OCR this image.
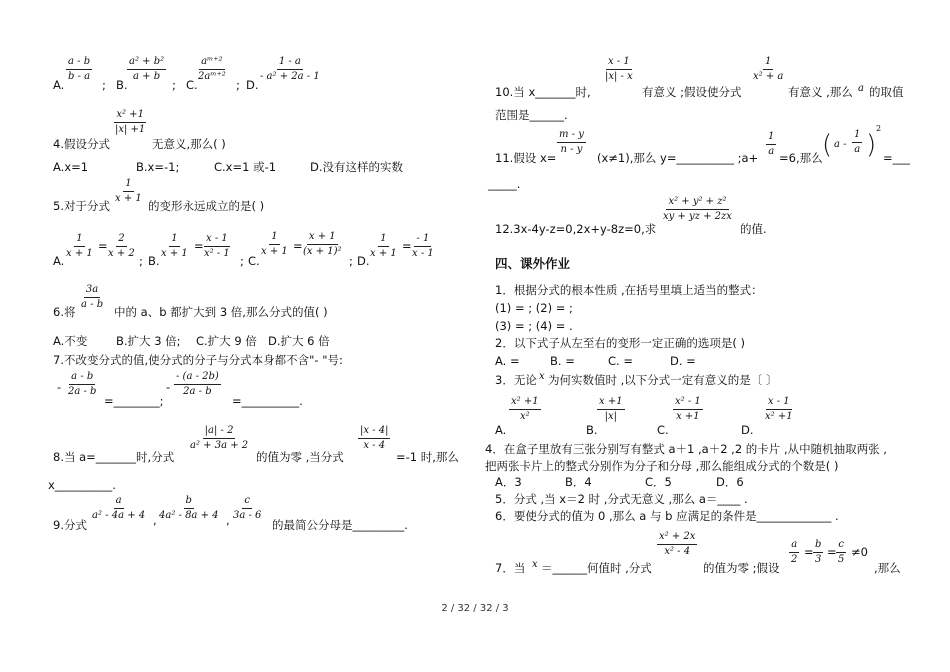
A.
$\frac{a - b}{b - a}$
; B.
$\frac{\text{a² + b²}}{a + b}$
; C.
$\frac{\text{aᵐ⁺²}}{\text{2aᵐ⁺²}}$
; D.
$\frac{1 - a}{\text{- a² + 2a - 1}}$
4.假设分式
$\frac{\text{x² +1}}{|x| +1}$
无意义,那么( )
A.x=1	B.x=-1;	C.x=1 或-1	D.没有这样的实数
5.对于分式
$\frac{1}{x + 1}$
的变形永远成立的是( )
A.
$\frac{1}{x + 1}$ =
$\frac{2}{x + 2}$
; B.
$\frac{1}{x + 1}$ =
$\frac{x - 1}{\text{x² - 1}}$
; C.
$\frac{1}{x + 1}$ =
$\frac{x + 1}{\text{(x + 1)²}}$
; D.
$\frac{1}{x + 1}$ =
$\frac{- 1}{x - 1}$
6.将
$\frac{3a}{a - b}$
中的 a、b 都扩大到 3 倍,那么分式的值( )
A.不变 B.扩大 3 倍; C.扩大 9 倍 D.扩大 6 倍
7.不改变分式的值,使分式的分子与分式本身都不含"- "号:
- $\frac{a - b}{2a - b}$
=________;
- $\frac{- (a - 2b)}{2a - b}$
=__________.
8.当 a=_______时,分式
$\frac{|a| - 2}{\text{a² + 3a + 2}}$
的值为零 ,当分式
$\frac{|x - 4|}{x - 4}$
=-1 时,那么
x__________.
9.分式
$\frac{a}{\text{a² - 4a + 4}}$ , $\frac{b}{\text{4a² - 8a + 4}}$ , $\frac{c}{3a - 6}$
的最简公分母是_________.
10.当 x_______时,
$\frac{x - 1}{|x| - x}$
有意义 ;假设使分式
$\frac{1}{\text{x² + a}}$
有意义 ,那么 a 的取值
范围是______.
11.假设 x=
$\frac{m - y}{n - y}$
(x≠1),那么 y=__________ ;a+
$\frac{1}{a}$
=6,那么 ( a - $\frac{1}{a}$ )
2
=___
_____.
12.3x-4y-z=0,2x+y-8z=0,求
$\frac{\text{x² + y² + z²}}{xy + yz + 2zx}$
的值.
四、课外作业
1．根据分式的根本性质 ,在括号里填上适当的整式：
(1) = ; (2) = ;
(3) = ; (4) = .
2．以下式子从左至右的变形一定正确的选项是( )
A. =	B. =	C. =	D. =
3．无论 x 为何实数值时 ,以下分式一定有意义的是〔 〕
A.
$\frac{\text{x² +1}}{\text{x²}}$
B.
$\frac{x +1}{|x|}$
C.
$\frac{\text{x² - 1}}{x +1}$
D.
$\frac{x - 1}{\text{x² +1}}$
4．在盒子里放有三张分别写有整式 a＋1 ,a＋2 ,2 的卡片 ,从中随机抽取两张 ,
把两张卡片上的整式分别作为分子和分母 ,那么能组成分式的个数是( )
A．3	B．4	C．5	D．6
5．分式 ,当 x＝2 时 ,分式无意义 ,那么 a＝____ .
6．要使分式的值为 0 ,那么 a 与 b 应满足的条件是_____________ .
7．当 x ＝______何值时 ,分式
$\frac{\text{x² + 2x}}{\text{x² - 4}}$
的值为零 ;假设
$\frac{a}{2} = \frac{b}{3} = \frac{c}{5} \ne 0$
,那么
2 / 32 / 32 / 3
